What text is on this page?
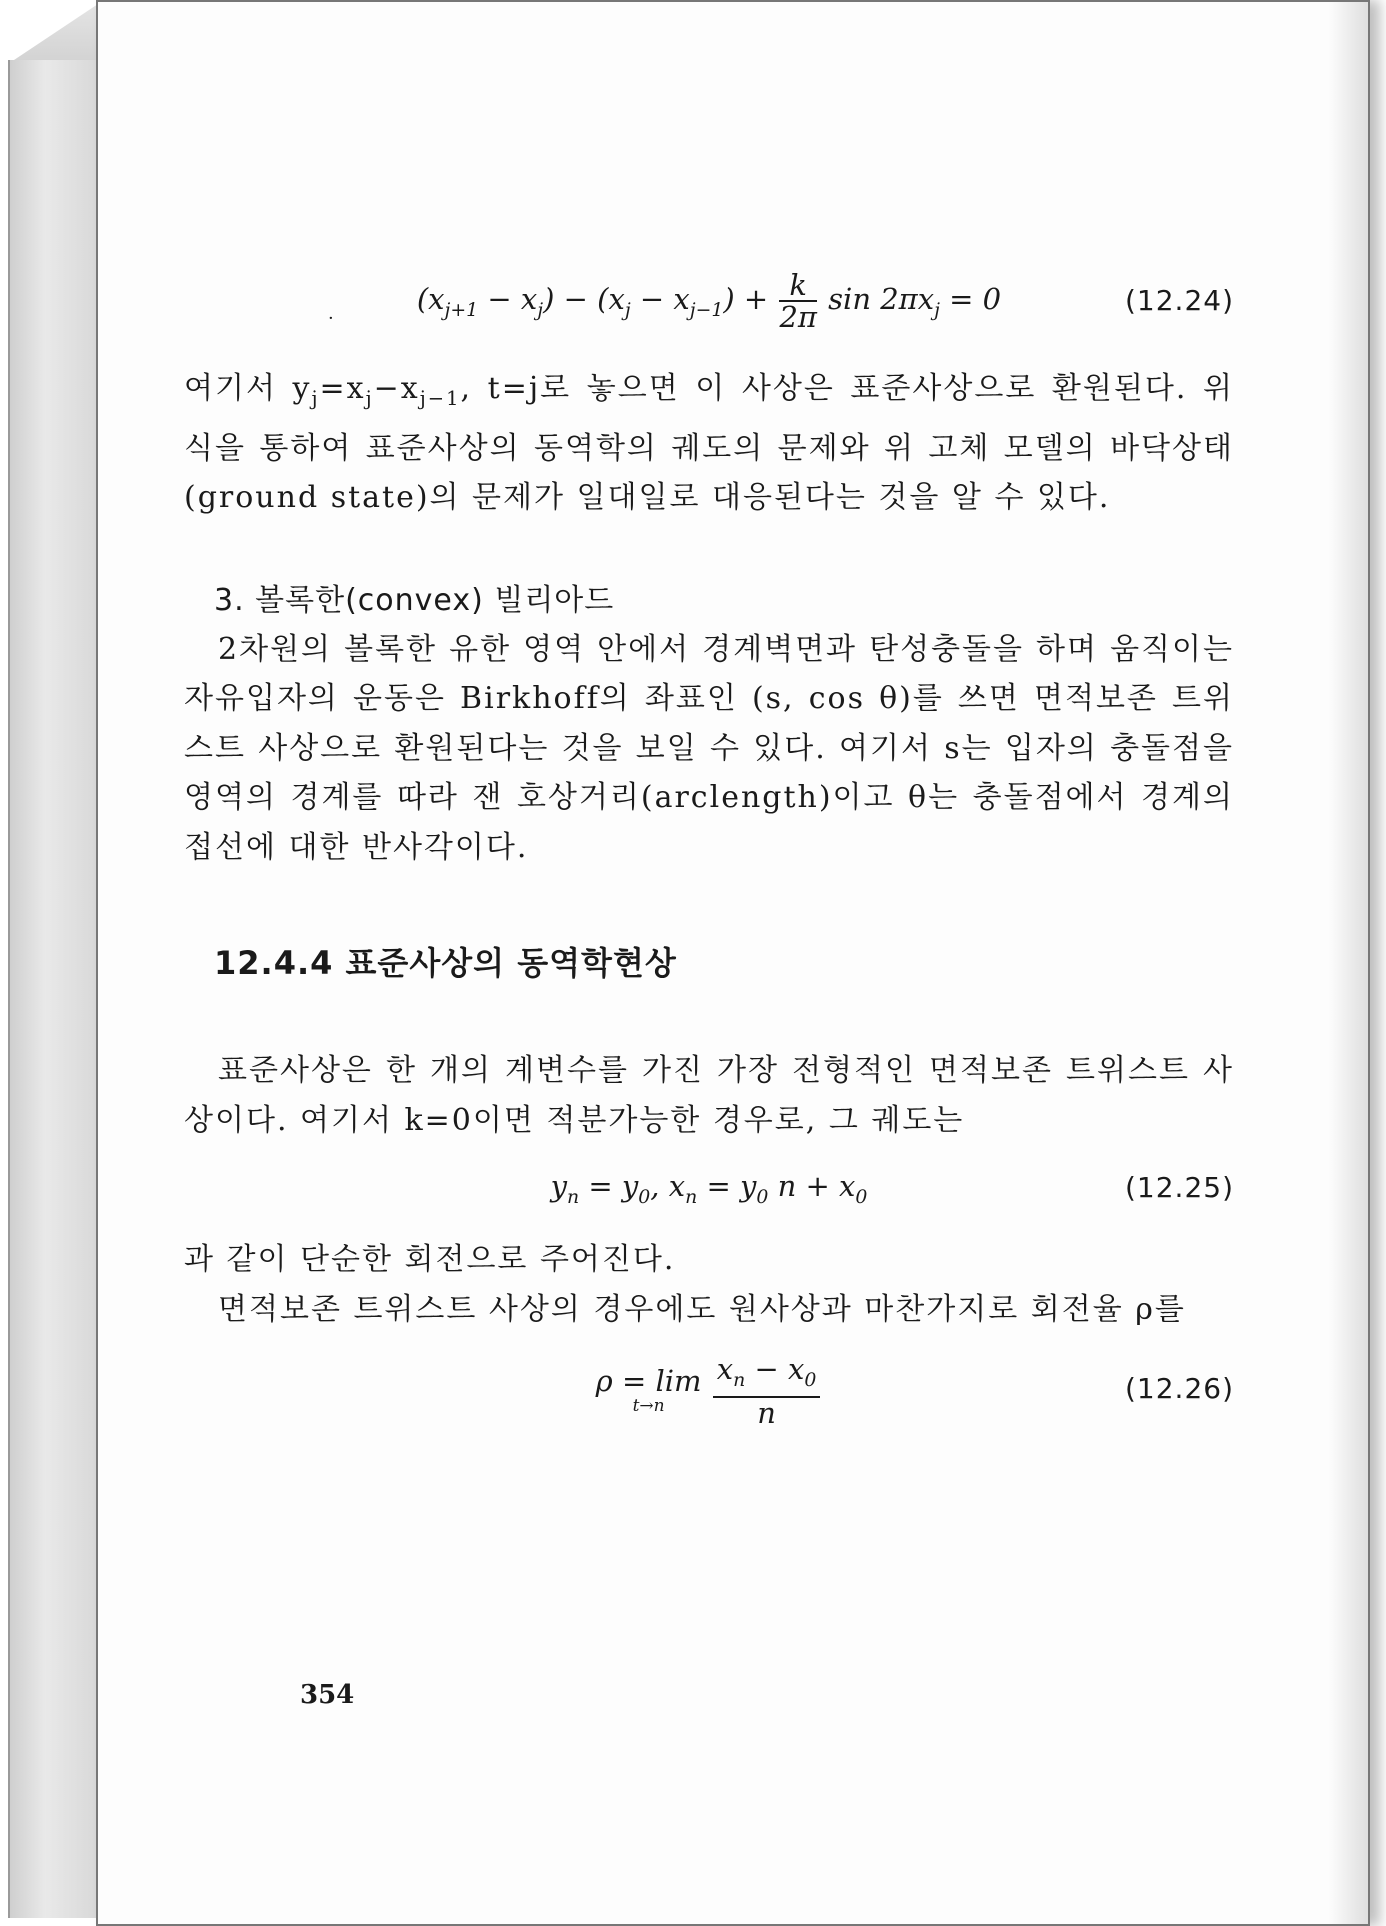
·
$(x_{j+1} - x_j) - (x_j - x_{j-1}) + \frac{k}{2\pi}$ $\sin 2\pi x_j = 0$	(12.24)

여기서 $y_j=x_j-x_{j-1}$, t=j로 놓으면 이 사상은 표준사상으로 환원된다. 위 식을 통하여 표준사상의 동역학의 궤도의 문제와 위 고체 모델의 바닥상태(ground state)의 문제가 일대일로 대응된다는 것을 알 수 있다.

3. 볼록한(convex) 빌리아드

2차원의 볼록한 유한 영역 안에서 경계벽면과 탄성충돌을 하며 움직이는 자유입자의 운동은 Birkhoff의 좌표인 (s, cos θ)를 쓰면 면적보존 트위스트 사상으로 환원된다는 것을 보일 수 있다. 여기서 s는 입자의 충돌점을 영역의 경계를 따라 잰 호상거리(arclength)이고 θ는 충돌점에서 경계의 접선에 대한 반사각이다.

12.4.4 표준사상의 동역학현상

표준사상은 한 개의 계변수를 가진 가장 전형적인 면적보존 트위스트 사상이다. 여기서 k=0이면 적분가능한 경우로, 그 궤도는

$y_n = y_0$, $x_n = y_0$ $n + x_0$	(12.25)

과 같이 단순한 회전으로 주어진다.

면적보존 트위스트 사상의 경우에도 원사상과 마찬가지로 회전율 ρ를

ρ = lim
t→n
	$\frac{x_n - x_0}{n}$	(12.26)
354
